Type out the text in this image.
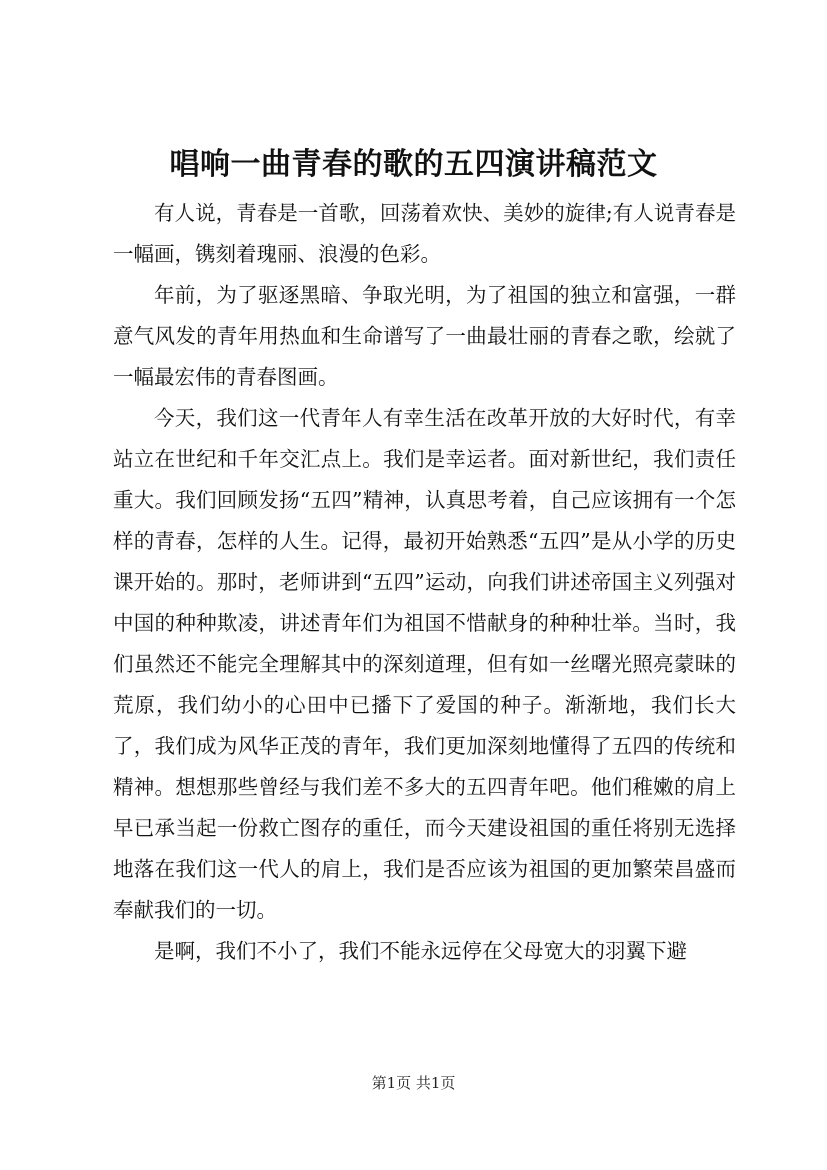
唱响一曲青春的歌的五四演讲稿范文

有人说，青春是一首歌，回荡着欢快、美妙的旋律;有人说青春是一幅画，镌刻着瑰丽、浪漫的色彩。

年前，为了驱逐黑暗、争取光明，为了祖国的独立和富强，一群意气风发的青年用热血和生命谱写了一曲最壮丽的青春之歌，绘就了一幅最宏伟的青春图画。

今天，我们这一代青年人有幸生活在改革开放的大好时代，有幸站立在世纪和千年交汇点上。我们是幸运者。面对新世纪，我们责任重大。我们回顾发扬“五四”精神，认真思考着，自己应该拥有一个怎样的青春，怎样的人生。记得，最初开始熟悉“五四”是从小学的历史课开始的。那时，老师讲到“五四”运动，向我们讲述帝国主义列强对中国的种种欺凌，讲述青年们为祖国不惜献身的种种壮举。当时，我们虽然还不能完全理解其中的深刻道理，但有如一丝曙光照亮蒙昧的荒原，我们幼小的心田中已播下了爱国的种子。渐渐地，我们长大了，我们成为风华正茂的青年，我们更加深刻地懂得了五四的传统和精神。想想那些曾经与我们差不多大的五四青年吧。他们稚嫩的肩上早已承当起一份救亡图存的重任，而今天建设祖国的重任将别无选择地落在我们这一代人的肩上，我们是否应该为祖国的更加繁荣昌盛而奉献我们的一切。

是啊，我们不小了，我们不能永远停在父母宽大的羽翼下避

第1页 共1页
